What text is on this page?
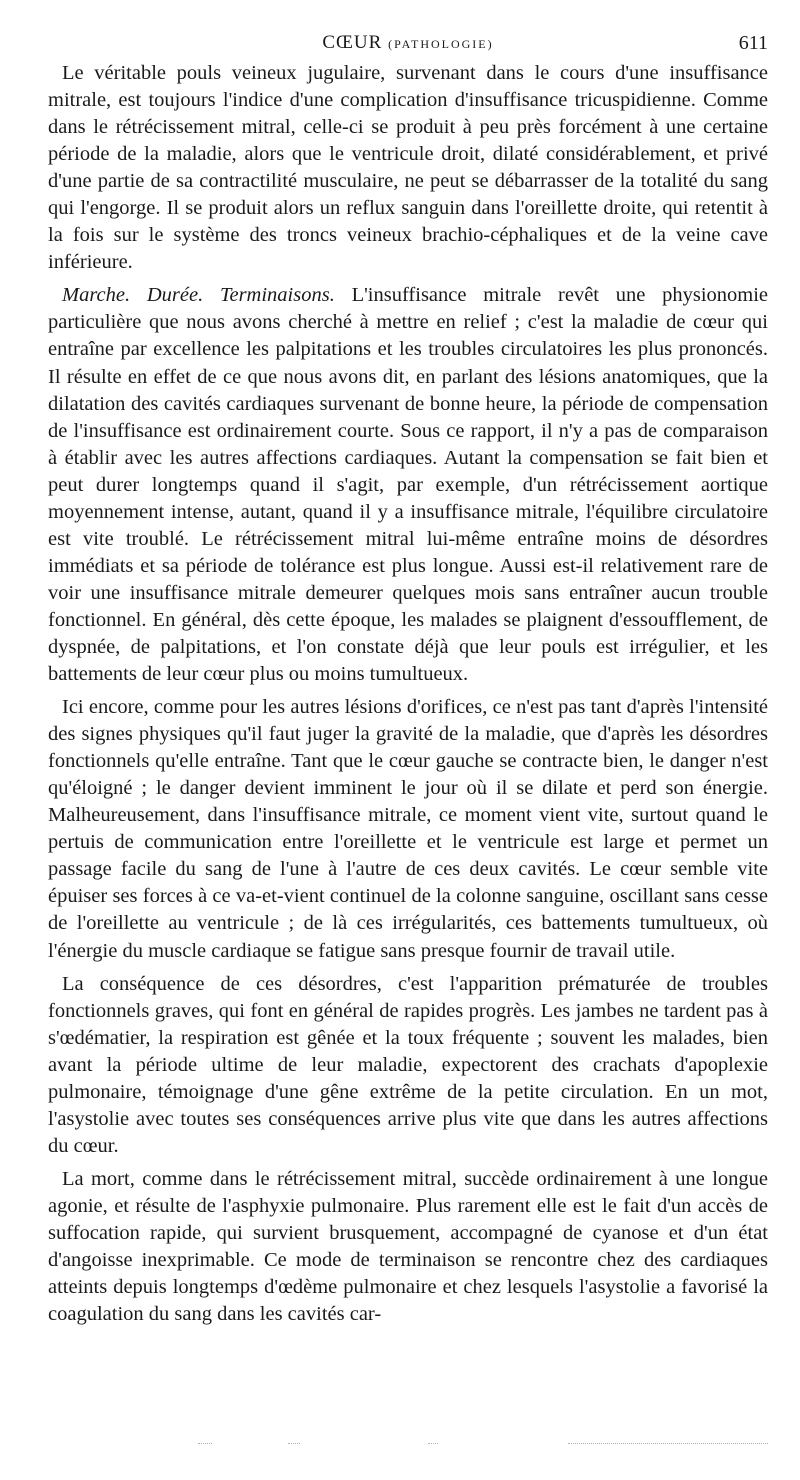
CŒUR (PATHOLOGIE)	611

Le véritable pouls veineux jugulaire, survenant dans le cours d'une insuffisance mitrale, est toujours l'indice d'une complication d'insuffisance tricuspidienne. Comme dans le rétrécissement mitral, celle-ci se produit à peu près forcément à une certaine période de la maladie, alors que le ventricule droit, dilaté considérablement, et privé d'une partie de sa contractilité musculaire, ne peut se débarrasser de la totalité du sang qui l'engorge. Il se produit alors un reflux sanguin dans l'oreillette droite, qui retentit à la fois sur le système des troncs veineux brachio-céphaliques et de la veine cave inférieure.

Marche. Durée. Terminaisons. L'insuffisance mitrale revêt une physionomie particulière que nous avons cherché à mettre en relief ; c'est la maladie de cœur qui entraîne par excellence les palpitations et les troubles circulatoires les plus prononcés. Il résulte en effet de ce que nous avons dit, en parlant des lésions anatomiques, que la dilatation des cavités cardiaques survenant de bonne heure, la période de compensation de l'insuffisance est ordinairement courte. Sous ce rapport, il n'y a pas de comparaison à établir avec les autres affections cardiaques. Autant la compensation se fait bien et peut durer longtemps quand il s'agit, par exemple, d'un rétrécissement aortique moyennement intense, autant, quand il y a insuffisance mitrale, l'équilibre circulatoire est vite troublé. Le rétrécissement mitral lui-même entraîne moins de désordres immédiats et sa période de tolérance est plus longue. Aussi est-il relativement rare de voir une insuffisance mitrale demeurer quelques mois sans entraîner aucun trouble fonctionnel. En général, dès cette époque, les malades se plaignent d'essoufflement, de dyspnée, de palpitations, et l'on constate déjà que leur pouls est irrégulier, et les battements de leur cœur plus ou moins tumultueux.

Ici encore, comme pour les autres lésions d'orifices, ce n'est pas tant d'après l'intensité des signes physiques qu'il faut juger la gravité de la maladie, que d'après les désordres fonctionnels qu'elle entraîne. Tant que le cœur gauche se contracte bien, le danger n'est qu'éloigné ; le danger devient imminent le jour où il se dilate et perd son énergie. Malheureusement, dans l'insuffisance mitrale, ce moment vient vite, surtout quand le pertuis de communication entre l'oreillette et le ventricule est large et permet un passage facile du sang de l'une à l'autre de ces deux cavités. Le cœur semble vite épuiser ses forces à ce va-et-vient continuel de la colonne sanguine, oscillant sans cesse de l'oreillette au ventricule ; de là ces irrégularités, ces battements tumultueux, où l'énergie du muscle cardiaque se fatigue sans presque fournir de travail utile.

La conséquence de ces désordres, c'est l'apparition prématurée de troubles fonctionnels graves, qui font en général de rapides progrès. Les jambes ne tardent pas à s'œdématier, la respiration est gênée et la toux fréquente ; souvent les malades, bien avant la période ultime de leur maladie, expectorent des crachats d'apoplexie pulmonaire, témoignage d'une gêne extrême de la petite circulation. En un mot, l'asystolie avec toutes ses conséquences arrive plus vite que dans les autres affections du cœur.

La mort, comme dans le rétrécissement mitral, succède ordinairement à une longue agonie, et résulte de l'asphyxie pulmonaire. Plus rarement elle est le fait d'un accès de suffocation rapide, qui survient brusquement, accompagné de cyanose et d'un état d'angoisse inexprimable. Ce mode de terminaison se rencontre chez des cardiaques atteints depuis longtemps d'œdème pulmonaire et chez lesquels l'asystolie a favorisé la coagulation du sang dans les cavités car-
